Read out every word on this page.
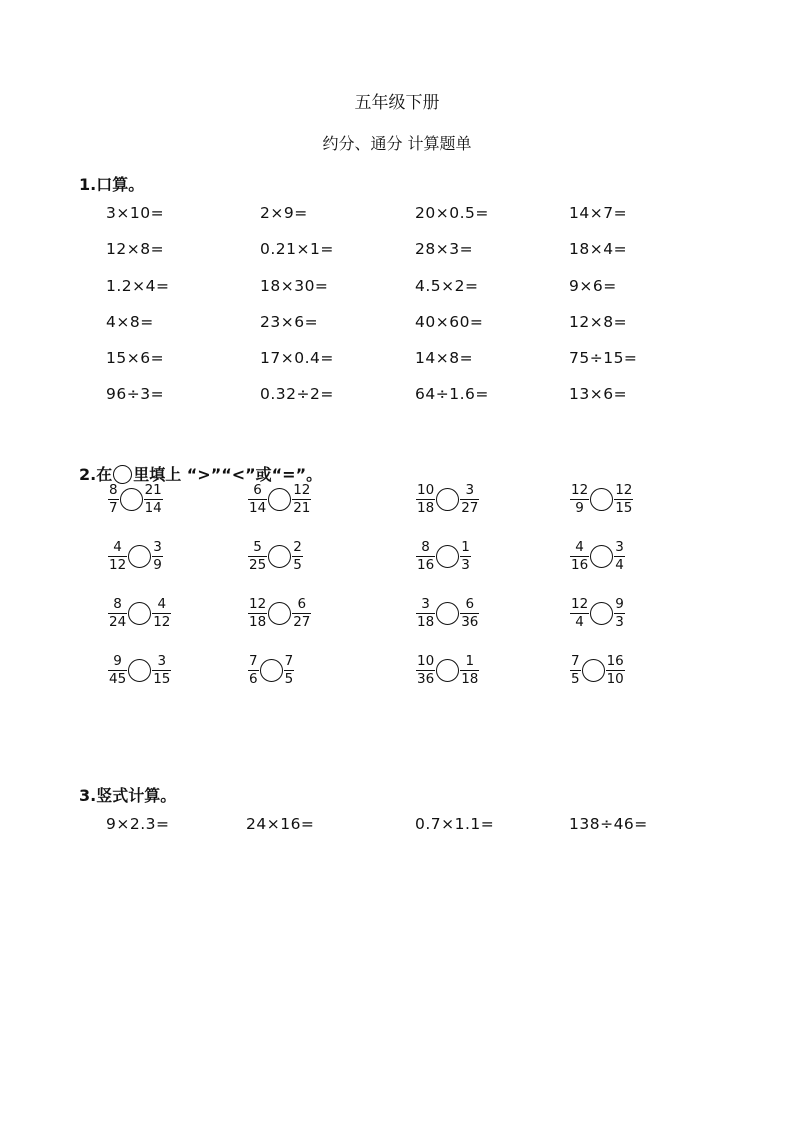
五年级下册
约分、通分 计算题单
1.口算。
3×10=	2×9=	20×0.5=	14×7=
12×8=	0.21×1=	28×3=	18×4=
1.2×4=	18×30=	4.5×2=	9×6=
4×8=	23×6=	40×60=	12×8=
15×6=	17×0.4=	14×8=	75÷15=
96÷3=	0.32÷2=	64÷1.6=	13×6=
2.在 里填上 “>”“<”或“=”。
$\frac{8}{7} \frac{21}{14}$	$\frac{6}{14} \frac{12}{21}$	$\frac{10}{18} \frac{3}{27}$	$\frac{12}{9} \frac{12}{15}$
$\frac{4}{12} \frac{3}{9}$	$\frac{5}{25} \frac{2}{5}$	$\frac{8}{16} \frac{1}{3}$	$\frac{4}{16} \frac{3}{4}$
$\frac{8}{24} \frac{4}{12}$	$\frac{12}{18} \frac{6}{27}$	$\frac{3}{18} \frac{6}{36}$	$\frac{12}{4} \frac{9}{3}$
$\frac{9}{45} \frac{3}{15}$	$\frac{7}{6} \frac{7}{5}$	$\frac{10}{36} \frac{1}{18}$	$\frac{7}{5} \frac{16}{10}$
3.竖式计算。
9×2.3=	24×16=	0.7×1.1=	138÷46=
